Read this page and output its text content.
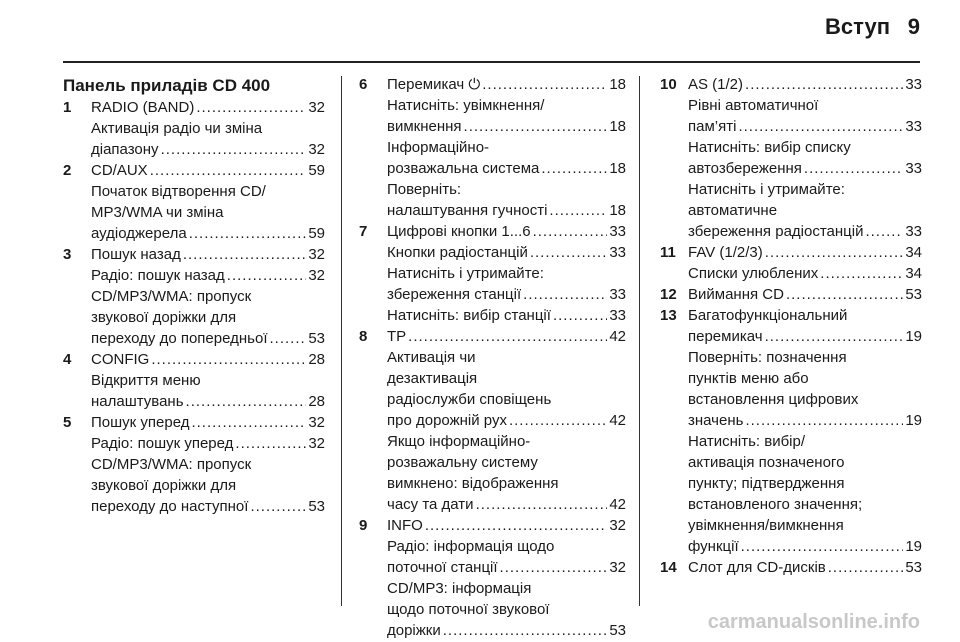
Вступ 9
Панель приладів CD 400
1 RADIO (BAND) .....	32
Активація радіо чи зміна
діапазону .....	32
2 CD/AUX .....	59
Початок відтворення CD/
MP3/WMA чи зміна
аудіоджерела .....	59
3 Пошук назад .....	32
Радіо: пошук назад .....	32
CD/MP3/WMA: пропуск
звукової доріжки для
переходу до попередньої .....	53
4 CONFIG .....	28
Відкриття меню
налаштувань .....	28
5 Пошук уперед .....	32
Радіо: пошук уперед .....	32
CD/MP3/WMA: пропуск
звукової доріжки для
переходу до наступної .....	53
6 Перемикач ⏻ .....	18
Натисніть: увімкнення/
вимкнення .....	18
Інформаційно-
розважальна система .....	18
Поверніть:
налаштування гучності .....	18
7 Цифрові кнопки 1...6 .....	33
Кнопки радіостанцій .....	33
Натисніть і утримайте:
збереження станції .....	33
Натисніть: вибір станції .....	33
8 TP .....	42
Активація чи
дезактивація
радіослужби сповіщень
про дорожній рух .....	42
Якщо інформаційно-
розважальну систему
вимкнено: відображення
часу та дати .....	42
9 INFO .....	32
Радіо: інформація щодо
поточної станції .....	32
CD/MP3: інформація
щодо поточної звукової
доріжки .....	53
10 AS (1/2) .....	33
Рівні автоматичної
пам’яті .....	33
Натисніть: вибір списку
автозбереження .....	33
Натисніть і утримайте:
автоматичне
збереження радіостанцій .....	33
11 FAV (1/2/3) .....	34
Списки улюблених .....	34
12 Виймання CD .....	53
13 Багатофункціональний
перемикач .....	19
Поверніть: позначення
пунктів меню або
встановлення цифрових
значень .....	19
Натисніть: вибір/
активація позначеного
пункту; підтвердження
встановленого значення;
увімкнення/вимкнення
функції .....	19
14 Слот для CD-дисків .....	53
carmanualsonline.info
